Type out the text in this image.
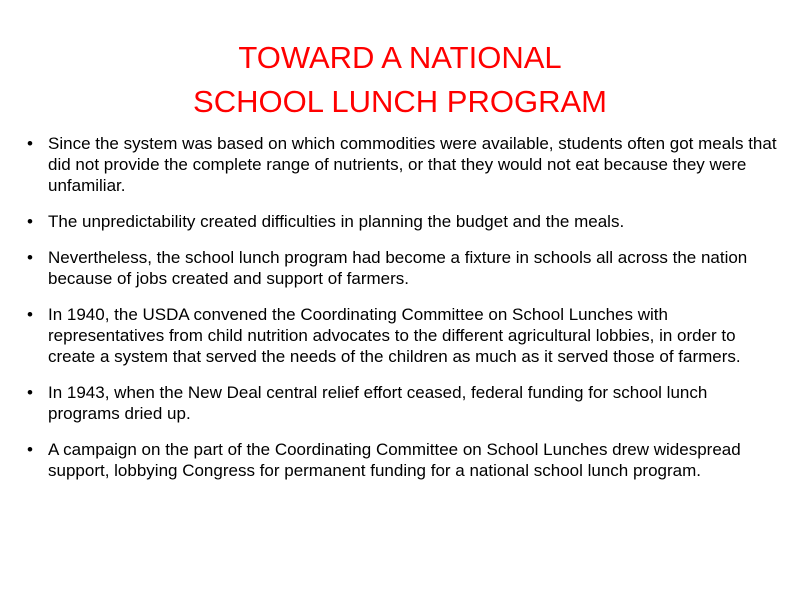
TOWARD A NATIONAL
SCHOOL LUNCH PROGRAM
• Since the system was based on which commodities were available, students often got meals that did not provide the complete range of nutrients, or that they would not eat because they were unfamiliar.
• The unpredictability created difficulties in planning the budget and the meals.
• Nevertheless, the school lunch program had become a fixture in schools all across the nation because of jobs created and support of farmers.
• In 1940, the USDA convened the Coordinating Committee on School Lunches with representatives from child nutrition advocates to the different agricultural lobbies, in order to create a system that served the needs of the children as much as it served those of farmers.
• In 1943, when the New Deal central relief effort ceased, federal funding for school lunch programs dried up.
• A campaign on the part of the Coordinating Committee on School Lunches drew widespread support, lobbying Congress for permanent funding for a national school lunch program.
